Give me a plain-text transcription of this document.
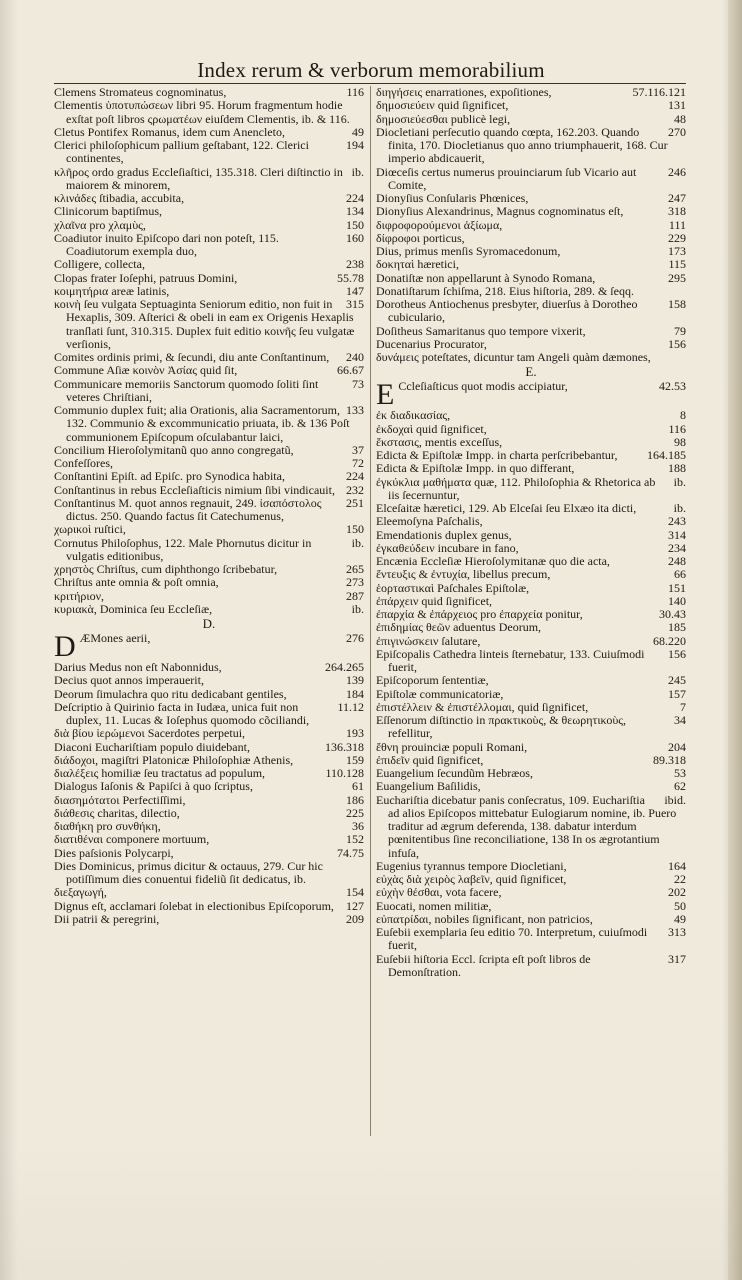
Index rerum & verborum memorabilium
116
Clemens Stromateus cognominatus,
Clementis ὑποτυπώσεων libri 95. Horum fragmentum hodie exſtat poſt libros ςρωματέων eiuſdem Clementis, ib. & 116.
49
Cletus Pontifex Romanus, idem cum Anencleto,
194
Clerici philoſophicum pallium geſtabant, 122. Clerici continentes,
ib.
κλῆρος ordo gradus Eccleſiaſtici, 135.318. Cleri diſtinctio in maiorem & minorem,
224
κλινάδες ſtibadia, accubita,
134
Clinicorum baptiſmus,
150
χλαῖνα pro χλαμὺς,
160
Coadiutor inuito Epiſcopo dari non poteſt, 115. Coadiutorum exempla duo,
238
Colligere, collecta,
55.78
Clopas frater Ioſephi, patruus Domini,
147
κοιμητήρια areæ latinis,
315
κοινὴ ſeu vulgata Septuaginta Seniorum editio, non fuit in Hexaplis, 309. Aſterici & obeli in eam ex Origenis Hexaplis tranſlati ſunt, 310.315. Duplex fuit editio κοινῆς ſeu vulgatæ verſionis,
240
Comites ordinis primi, & ſecundi, diu ante Conſtantinum,
66.67
Commune Aſiæ κοινὸν Ἀσίας quid ſit,
73
Communicare memoriis Sanctorum quomodo ſoliti ſint veteres Chriſtiani,
133
Communio duplex fuit; alia Orationis, alia Sacramentorum, 132. Communio & excommunicatio priuata, ib. & 136 Poſt communionem Epiſcopum oſculabantur laici,
37
Concilium Hieroſolymitanũ quo anno congregatũ,
72
Confeſſores,
224
Conſtantini Epiſt. ad Epiſc. pro Synodica habita,
232
Conſtantinus in rebus Eccleſiaſticis nimium ſibi vindicauit,
251
Conſtantinus M. quot annos regnauit, 249. ἰσαπόστολος dictus. 250. Quando factus ſit Catechumenus,
150
χωρικοὶ ruſtici,
ib.
Cornutus Philoſophus, 122. Male Phornutus dicitur in vulgatis editionibus,
265
χρηστὸς Chriſtus, cum diphthongo ſcribebatur,
273
Chriſtus ante omnia & poſt omnia,
287
κριτήριον,
ib.
κυριακὰ, Dominica ſeu Eccleſiæ,
D.
D	276
ÆMones aerii,
264.265
Darius Medus non eſt Nabonnidus,
139
Decius quot annos imperauerit,
184
Deorum ſimulachra quo ritu dedicabant gentiles,
11.12
Deſcriptio à Quirinio facta in Iudæa, unica fuit non duplex, 11. Lucas & Ioſephus quomodo cõciliandi,
193
διὰ βίου ἱερώμενοι Sacerdotes perpetui,
136.318
Diaconi Euchariſtiam populo diuidebant,
159
διάδοχοι, magiſtri Platonicæ Philoſophiæ Athenis,
110.128
διαλέξεις homiliæ ſeu tractatus ad populum,
61
Dialogus Iaſonis & Papiſci à quo ſcriptus,
186
διασημότατοι Perfectiſſimi,
225
διάθεσις charitas, dilectio,
36
διαθήκη pro συνθήκη,
152
διατιθέναι componere mortuum,
74.75
Dies paſsionis Polycarpi,
Dies Dominicus, primus dicitur & octauus, 279. Cur hic potiſſimum dies conuentui fideliũ ſit dedicatus, ib.
154
διεξαγωγή,
127
Dignus eſt, acclamari ſolebat in electionibus Epiſcoporum,
209
Dii patrii & peregrini,
57.116.121
διηγήσεις enarrationes, expoſitiones,
131
δημοσιεύειν quid ſignificet,
48
δημοσιεύεσθαι publicè legi,
270
Diocletiani perſecutio quando cœpta, 162.203. Quando finita, 170. Diocletianus quo anno triumphauerit, 168. Cur imperio abdicauerit,
246
Diœceſis certus numerus prouinciarum ſub Vicario aut Comite,
247
Dionyſius Conſularis Phœnices,
318
Dionyſius Alexandrinus, Magnus cognominatus eſt,
111
διφροφορούμενοι ἀξίωμα,
229
δίφροφοι porticus,
173
Dius, primus menſis Syromacedonum,
115
δοκηταὶ hæretici,
295
Donatiſtæ non appellarunt à Synodo Romana,
Donatiſtarum ſchiſma, 218. Eius hiſtoria, 289. & ſeqq.
158
Dorotheus Antiochenus presbyter, diuerſus à Dorotheo cubiculario,
79
Doſitheus Samaritanus quo tempore vixerit,
156
Ducenarius Procurator,
δυνάμεις poteſtates, dicuntur tam Angeli quàm dæmones,
E.
E	42.53
Ccleſiaſticus quot modis accipiatur,
8
ἐκ διαδικασίας,
116
ἐκδοχαὶ quid ſignificet,
98
ἔκστασις, mentis exceſſus,
164.185
Edicta & Epiſtolæ Impp. in charta perſcribebantur,
188
Edicta & Epiſtolæ Impp. in quo differant,
ib.
ἐγκύκλια μαθήματα quæ, 112. Philoſophia & Rhetorica ab iis ſecernuntur,
ib.
Elceſaitæ hæretici, 129. Ab Elceſai ſeu Elxæo ita dicti,
243
Eleemoſyna Paſchalis,
314
Emendationis duplex genus,
234
ἐγκαθεύδειν incubare in fano,
248
Encænia Eccleſiæ Hieroſolymitanæ quo die acta,
66
ἔντευξις & ἐντυχία, libellus precum,
151
ἑορταστικαὶ Paſchales Epiſtolæ,
140
ἐπάρχειν quid ſignificet,
30.43
ἐπαρχία & ἐπάρχειος pro ἐπαρχεία ponitur,
185
ἐπιδημίας θεῶν aduentus Deorum,
68.220
ἐπιγινώσκειν ſalutare,
156
Epiſcopalis Cathedra linteis ſternebatur, 133. Cuiuſmodi fuerit,
245
Epiſcoporum ſententiæ,
157
Epiſtolæ communicatoriæ,
7
ἐπιστέλλειν & ἐπιστέλλομαι, quid ſignificet,
34
Eſſenorum diſtinctio in πρακτικοὺς, & θεωρητικοὺς, refellitur,
204
ἔθνη prouinciæ populi Romani,
89.318
ἐπιδεῖν quid ſignificet,
53
Euangelium ſecundũm Hebræos,
62
Euangelium Baſilidis,
ibid.
Euchariſtia dicebatur panis conſecratus, 109. Euchariſtia ad alios Epiſcopos mittebatur Eulogiarum nomine, ib. Puero traditur ad ægrum deferenda, 138. dabatur interdum pœnitentibus ſine reconciliatione, 138 In os ægrotantium infuſa,
164
Eugenius tyrannus tempore Diocletiani,
22
εὐχὰς διὰ χειρὸς λαβεῖν, quid ſignificet,
202
εὐχὴν θέσθαι, vota facere,
50
Euocati, nomen militiæ,
49
εὐπατρίδαι, nobiles ſignificant, non patricios,
313
Euſebii exemplaria ſeu editio 70. Interpretum, cuiuſmodi fuerit,
317
Euſebii hiſtoria Eccl. ſcripta eſt poſt libros de Demonſtration.
